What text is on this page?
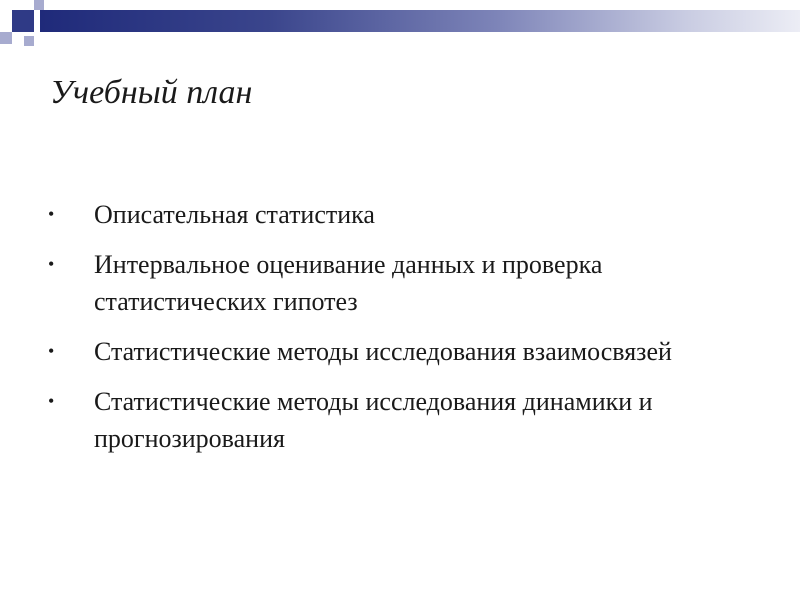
Учебный план
• Описательная статистика
• Интервальное оценивание данных и проверка статистических гипотез
• Статистические методы исследования взаимосвязей
• Статистические методы исследования динамики и прогнозирования
